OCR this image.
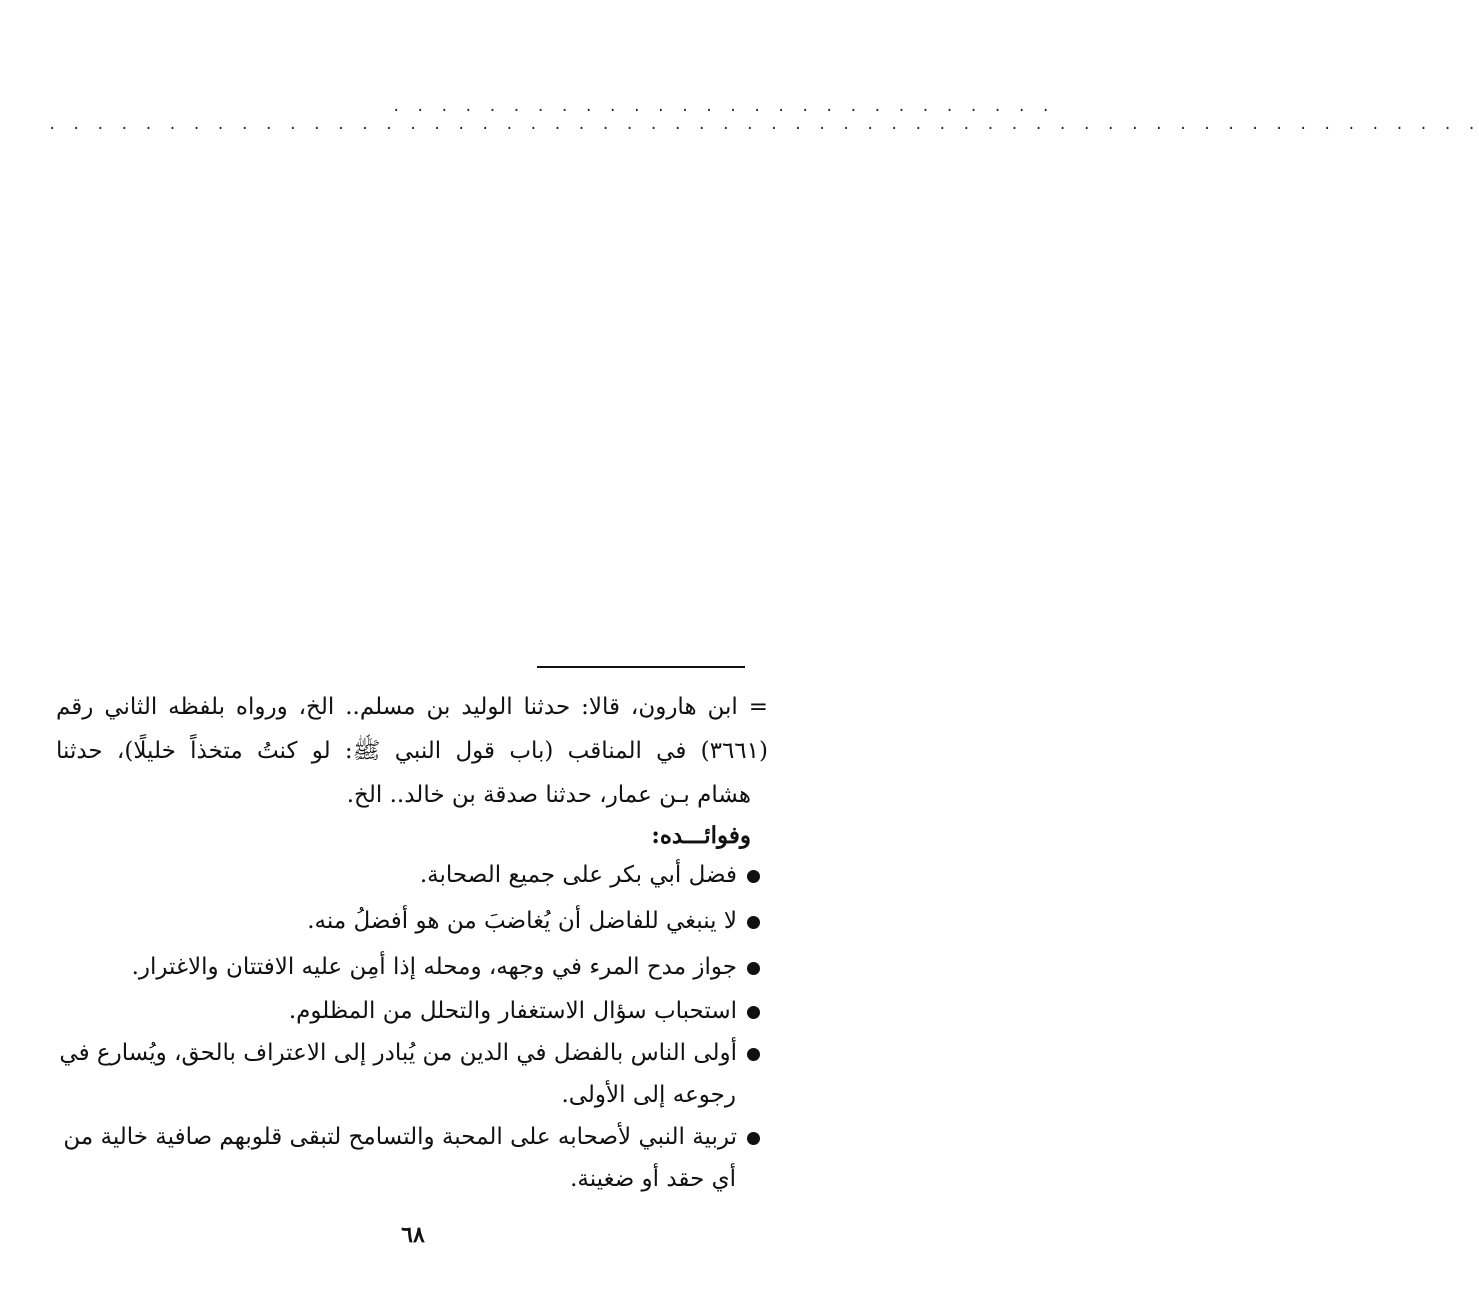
. . . . . . . . . . . . . . . . . . . . . . . . . . . .
. . . . . . . . . . . . . . . . . . . . . . . . . . . . . . . . . . . . . . . . . . . . . . . . . . . . . . . . . . . .
= ابن هارون، قالا: حدثنا الوليد بن مسلم.. الخ، ورواه بلفظه الثاني رقم
(٣٦٦١) في المناقب (باب قول النبي ﷺ: لو كنتُ متخذاً خليلًا)، حدثنا
هشام بـن عمار، حدثنا صدقة بن خالد.. الخ.
وفوائـــده:
فضل أبي بكر على جميع الصحابة.
لا ينبغي للفاضل أن يُغاضبَ من هو أفضلُ منه.
جواز مدح المرء في وجهه، ومحله إذا أمِن عليه الافتتان والاغترار.
استحباب سؤال الاستغفار والتحلل من المظلوم.
أولى الناس بالفضل في الدين من يُبادر إلى الاعتراف بالحق، ويُسارع في
رجوعه إلى الأولى.
تربية النبي لأصحابه على المحبة والتسامح لتبقى قلوبهم صافية خالية من
أي حقد أو ضغينة.
٦٨
